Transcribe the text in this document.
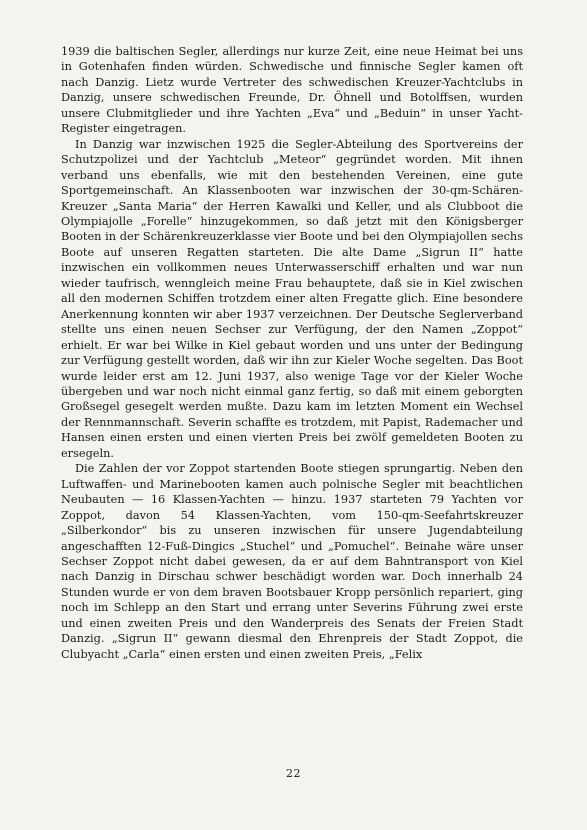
1939 die baltischen Segler, allerdings nur kurze Zeit, eine neue Heimat bei uns in Gotenhafen finden würden. Schwedische und finnische Segler kamen oft nach Danzig. Lietz wurde Vertreter des schwedischen Kreuzer-Yachtclubs in Danzig, unsere schwedischen Freunde, Dr. Öhnell und Botolffsen, wurden unsere Clubmitglieder und ihre Yachten „Eva“ und „Beduin“ in unser Yacht-Register eingetragen.

In Danzig war inzwischen 1925 die Segler-Abteilung des Sportvereins der Schutzpolizei und der Yachtclub „Meteor“ gegründet worden. Mit ihnen verband uns ebenfalls, wie mit den bestehenden Vereinen, eine gute Sportgemeinschaft. An Klassenbooten war inzwischen der 30-qm-Schären-Kreuzer „Santa Maria“ der Herren Kawalki und Keller, und als Clubboot die Olympiajolle „Forelle“ hinzugekommen, so daß jetzt mit den Königsberger Booten in der Schärenkreuzerklasse vier Boote und bei den Olympiajollen sechs Boote auf unseren Regatten starteten. Die alte Dame „Sigrun II“ hatte inzwischen ein vollkommen neues Unterwasserschiff erhalten und war nun wieder taufrisch, wenngleich meine Frau behauptete, daß sie in Kiel zwischen all den modernen Schiffen trotzdem einer alten Fregatte glich. Eine besondere Anerkennung konnten wir aber 1937 verzeichnen. Der Deutsche Seglerverband stellte uns einen neuen Sechser zur Verfügung, der den Namen „Zoppot“ erhielt. Er war bei Wilke in Kiel gebaut worden und uns unter der Bedingung zur Verfügung gestellt worden, daß wir ihn zur Kieler Woche segelten. Das Boot wurde leider erst am 12. Juni 1937, also wenige Tage vor der Kieler Woche übergeben und war noch nicht einmal ganz fertig, so daß mit einem geborgten Großsegel gesegelt werden mußte. Dazu kam im letzten Moment ein Wechsel der Rennmannschaft. Severin schaffte es trotzdem, mit Papist, Rademacher und Hansen einen ersten und einen vierten Preis bei zwölf gemeldeten Booten zu ersegeln.

Die Zahlen der vor Zoppot startenden Boote stiegen sprungartig. Neben den Luftwaffen- und Marinebooten kamen auch polnische Segler mit beachtlichen Neubauten — 16 Klassen-Yachten — hinzu. 1937 starteten 79 Yachten vor Zoppot, davon 54 Klassen-Yachten, vom 150-qm-Seefahrtskreuzer „Silberkondor“ bis zu unseren inzwischen für unsere Jugendabteilung angeschafften 12-Fuß-Dingics „Stuchel“ und „Pomuchel“. Beinahe wäre unser Sechser Zoppot nicht dabei gewesen, da er auf dem Bahntransport von Kiel nach Danzig in Dirschau schwer beschädigt worden war. Doch innerhalb 24 Stunden wurde er von dem braven Bootsbauer Kropp persönlich repariert, ging noch im Schlepp an den Start und errang unter Severins Führung zwei erste und einen zweiten Preis und den Wanderpreis des Senats der Freien Stadt Danzig. „Sigrun II“ gewann diesmal den Ehrenpreis der Stadt Zoppot, die Clubyacht „Carla“ einen ersten und einen zweiten Preis, „Felix

22
